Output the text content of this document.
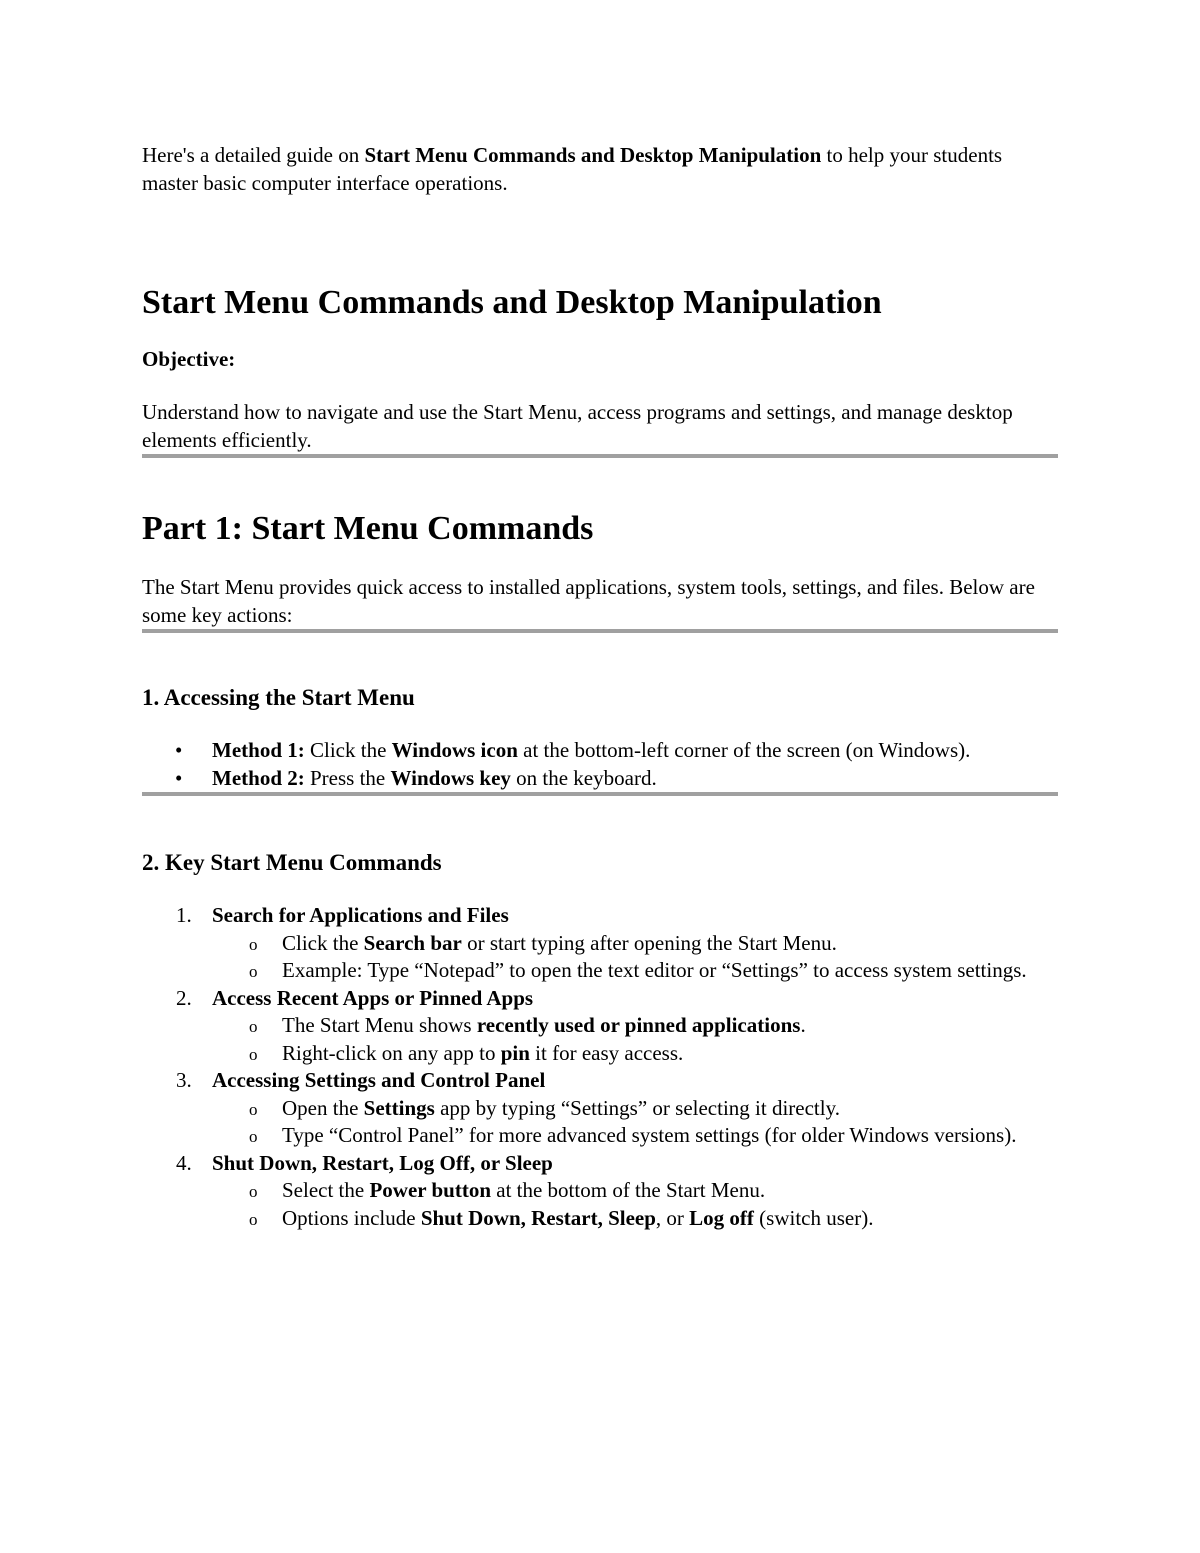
Here's a detailed guide on Start Menu Commands and Desktop Manipulation to help your students master basic computer interface operations.

Start Menu Commands and Desktop Manipulation
Objective:

Understand how to navigate and use the Start Menu, access programs and settings, and manage desktop elements efficiently.

Part 1: Start Menu Commands

The Start Menu provides quick access to installed applications, system tools, settings, and files. Below are some key actions:

1. Accessing the Start Menu
• Method 1: Click the Windows icon at the bottom-left corner of the screen (on Windows).
• Method 2: Press the Windows key on the keyboard.
2. Key Start Menu Commands
1. Search for Applications and Files
o Click the Search bar or start typing after opening the Start Menu.
o Example: Type “Notepad” to open the text editor or “Settings” to access system settings.
2. Access Recent Apps or Pinned Apps
o The Start Menu shows recently used or pinned applications.
o Right-click on any app to pin it for easy access.
3. Accessing Settings and Control Panel
o Open the Settings app by typing “Settings” or selecting it directly.
o Type “Control Panel” for more advanced system settings (for older Windows versions).
4. Shut Down, Restart, Log Off, or Sleep
o Select the Power button at the bottom of the Start Menu.
o Options include Shut Down, Restart, Sleep, or Log off (switch user).
